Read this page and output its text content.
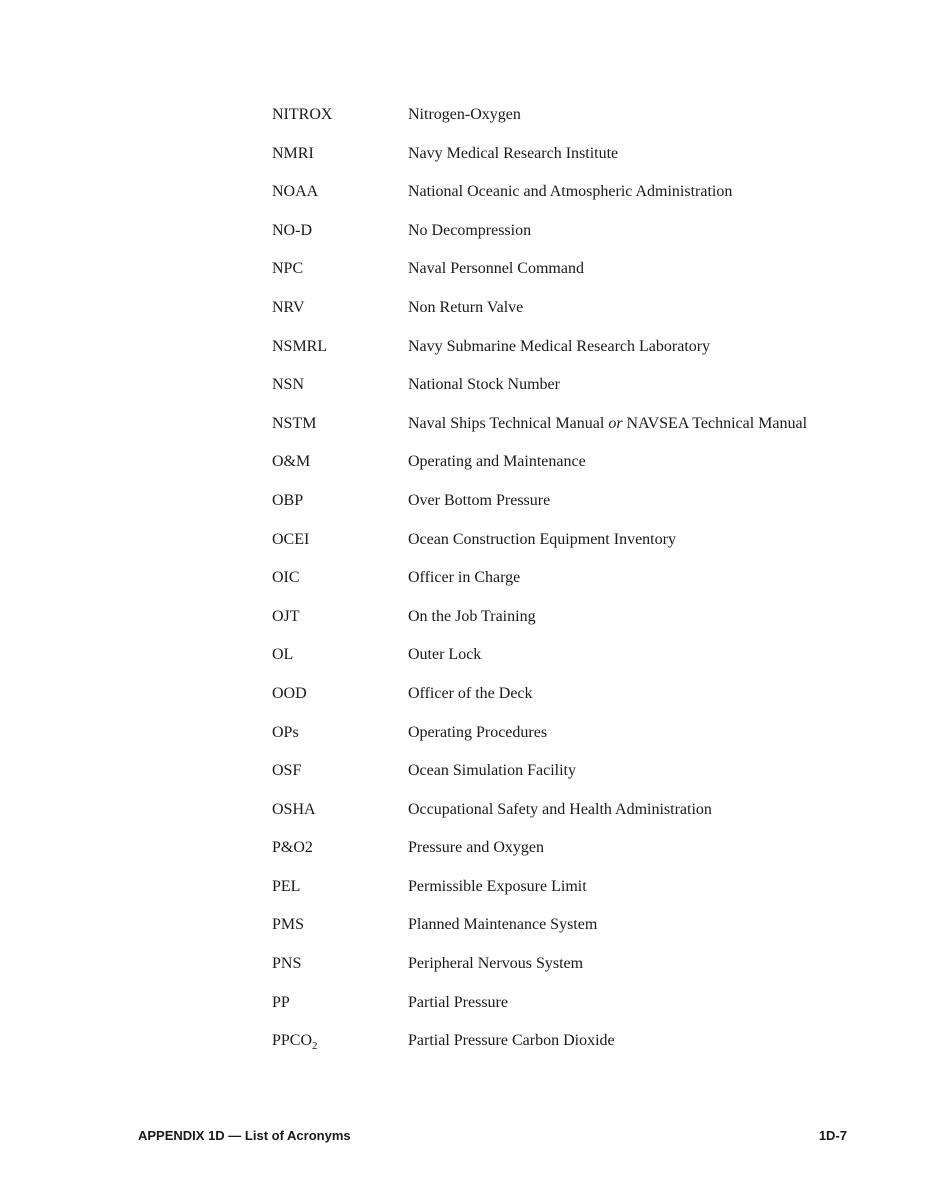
NITROX	Nitrogen-Oxygen
NMRI	Navy Medical Research Institute
NOAA	National Oceanic and Atmospheric Administration
NO-D	No Decompression
NPC	Naval Personnel Command
NRV	Non Return Valve
NSMRL	Navy Submarine Medical Research Laboratory
NSN	National Stock Number
NSTM	Naval Ships Technical Manual or NAVSEA Technical Manual
O&M	Operating and Maintenance
OBP	Over Bottom Pressure
OCEI	Ocean Construction Equipment Inventory
OIC	Officer in Charge
OJT	On the Job Training
OL	Outer Lock
OOD	Officer of the Deck
OPs	Operating Procedures
OSF	Ocean Simulation Facility
OSHA	Occupational Safety and Health Administration
P&O2	Pressure and Oxygen
PEL	Permissible Exposure Limit
PMS	Planned Maintenance System
PNS	Peripheral Nervous System
PP	Partial Pressure
$PPCO_2$	Partial Pressure Carbon Dioxide
APPENDIX 1D — List of Acronyms	1D-7
